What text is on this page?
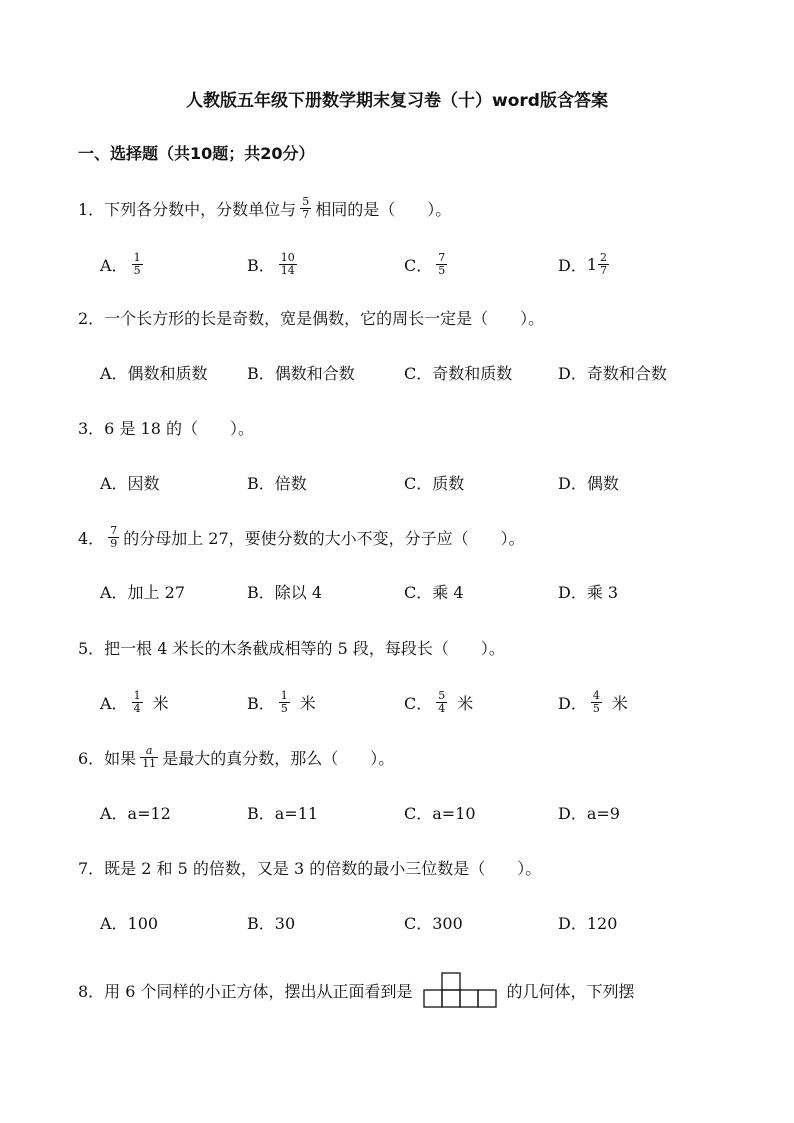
人教版五年级下册数学期末复习卷（十）word版含答案
一、选择题（共10题；共20分）
1．下列各分数中，分数单位与 $\frac{5}{7}$ 相同的是（　　）。
A． $\frac{1}{5}$	B． $\frac{10}{14}$	C． $\frac{7}{5}$	D． $1 \frac{2}{7}$
2．一个长方形的长是奇数，宽是偶数，它的周长一定是（　　）。
A．偶数和质数 B．偶数和合数	C．奇数和质数	D．奇数和合数
3．6 是 18 的（　　）。
A．因数	B．倍数	C．质数	D．偶数
4． $\frac{7}{9}$ 的分母加上 27，要使分数的大小不变，分子应（　　）。
A．加上 27	B．除以 4	C．乘 4	D．乘 3
5．把一根 4 米长的木条截成相等的 5 段，每段长（　　）。
A． $\frac{1}{4}$ 米	B． $\frac{1}{5}$ 米	C． $\frac{5}{4}$ 米	D． $\frac{4}{5}$ 米
6．如果 $\frac{a}{11}$ 是最大的真分数，那么（　　）。
A．a=12	B．a=11	C．a=10	D．a=9
7．既是 2 和 5 的倍数，又是 3 的倍数的最小三位数是（　　）。
A．100	B．30	C．300	D．120
8．用 6 个同样的小正方体，摆出从正面看到是	的几何体，下列摆
